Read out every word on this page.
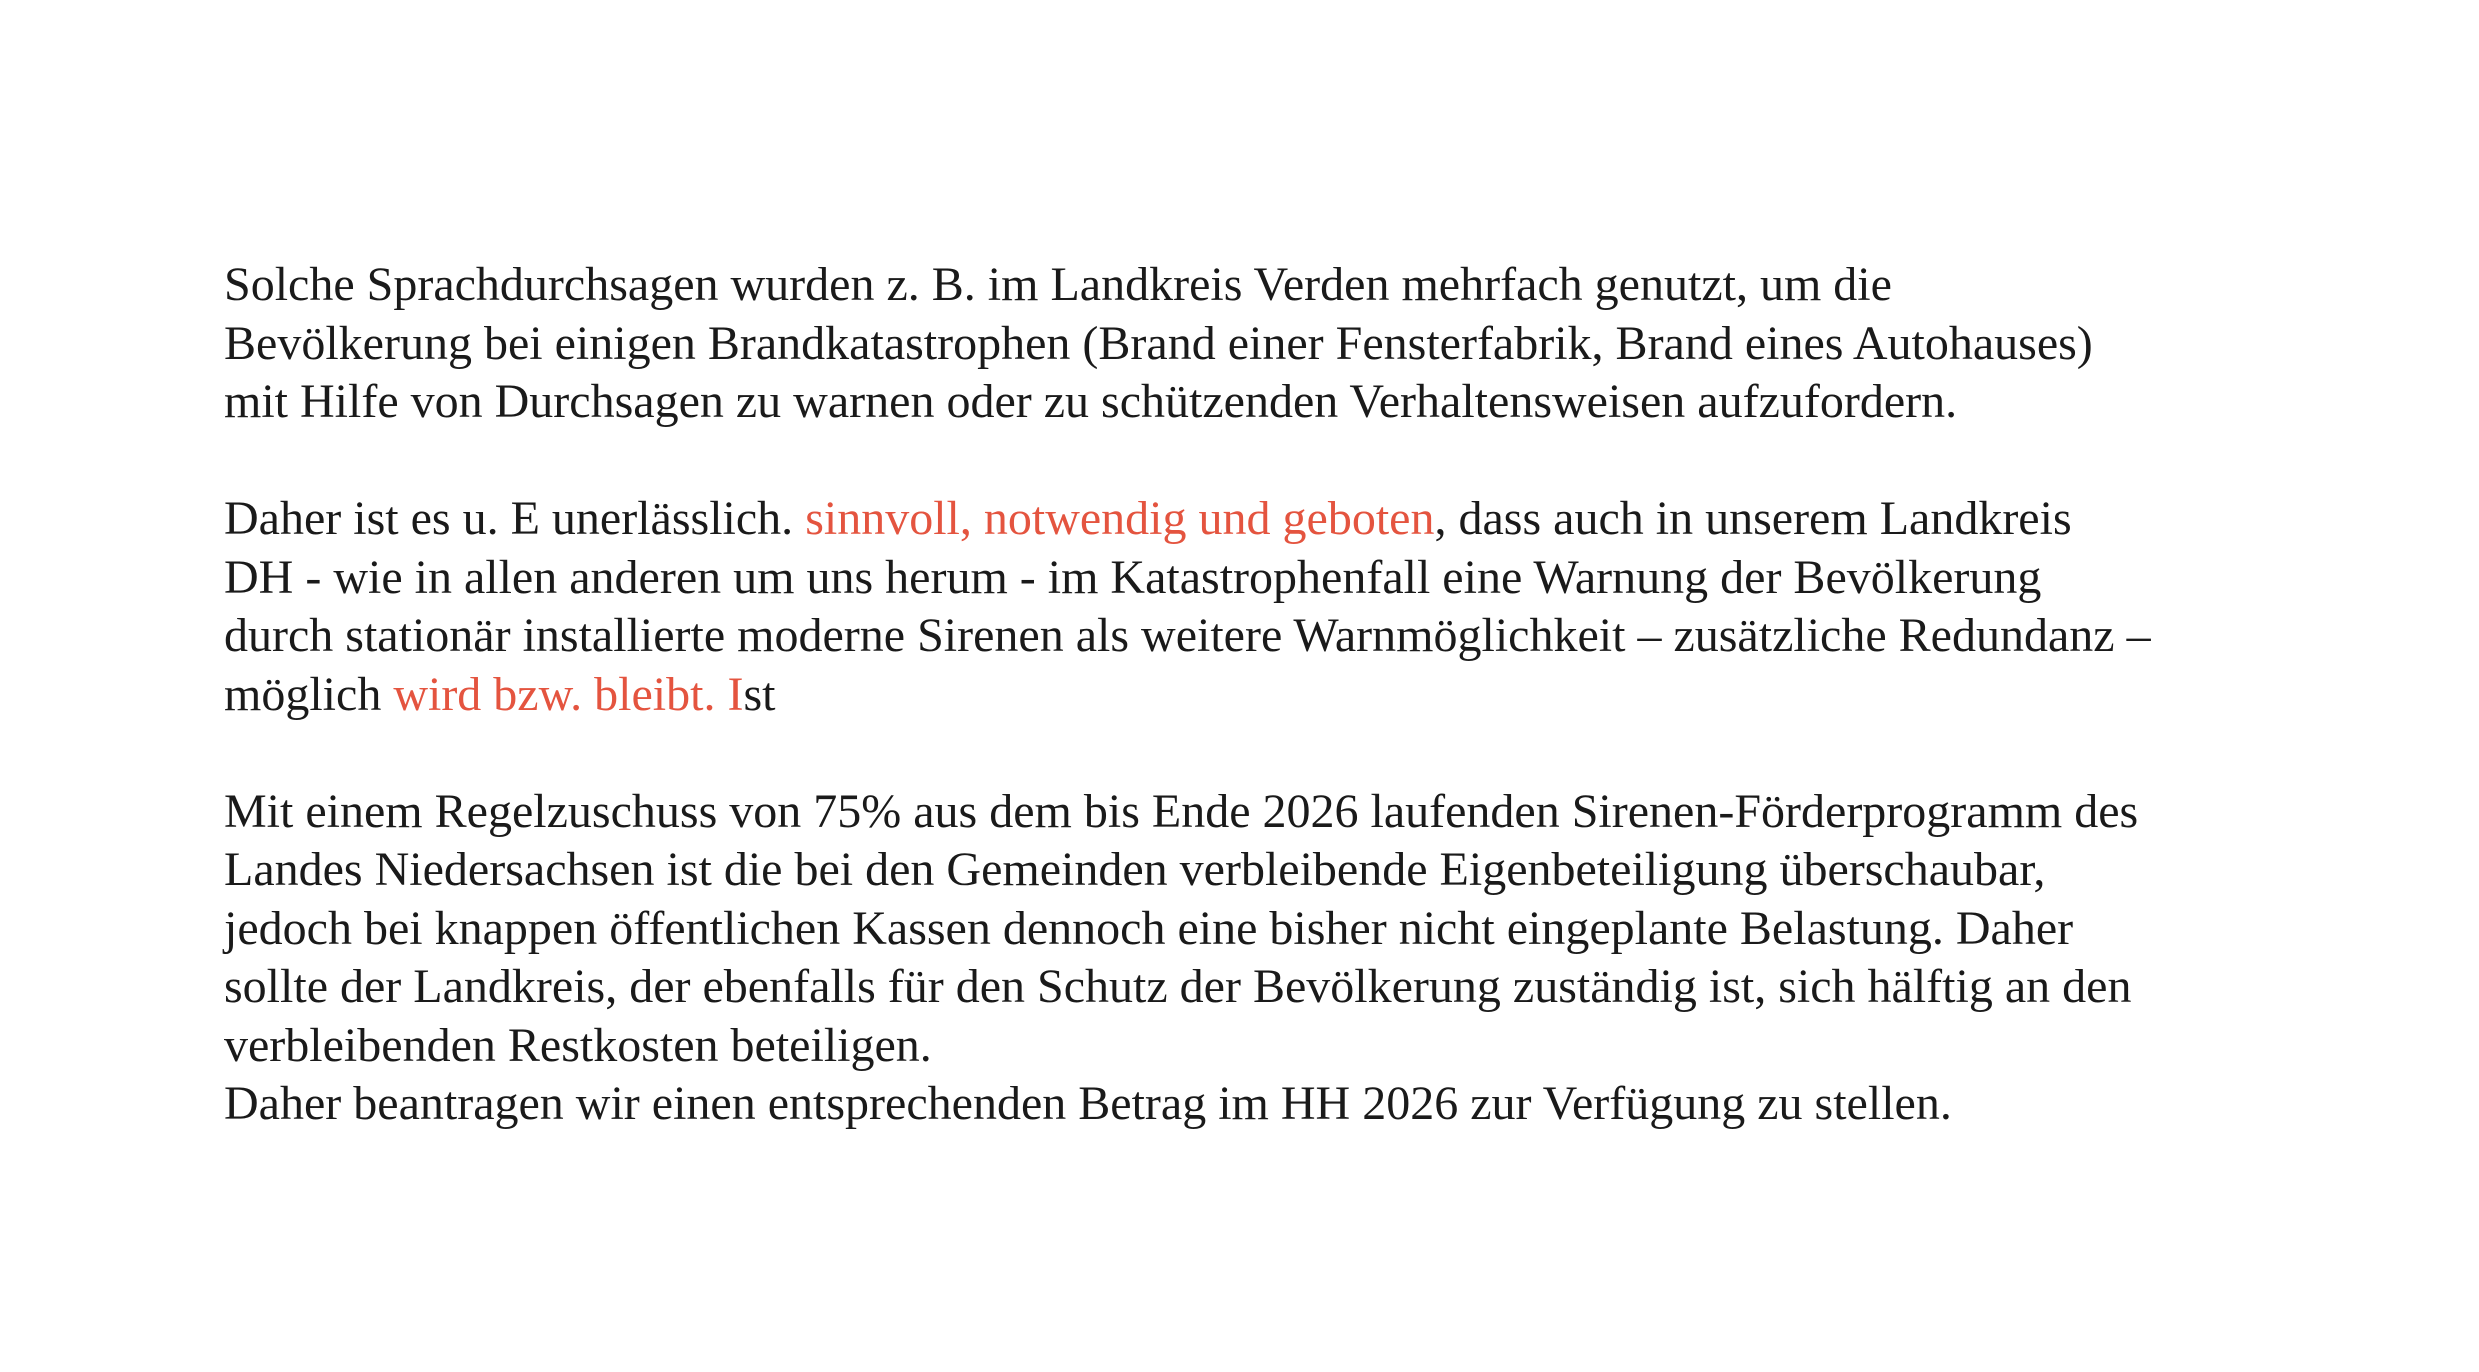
Solche Sprachdurchsagen wurden z. B. im Landkreis Verden mehrfach genutzt, um die
Bevölkerung bei einigen Brandkatastrophen (Brand einer Fensterfabrik, Brand eines Autohauses)
mit Hilfe von Durchsagen zu warnen oder zu schützenden Verhaltensweisen aufzufordern.
Daher ist es u. E unerlässlich. sinnvoll, notwendig und geboten, dass auch in unserem Landkreis
DH - wie in allen anderen um uns herum - im Katastrophenfall eine Warnung der Bevölkerung
durch stationär installierte moderne Sirenen als weitere Warnmöglichkeit – zusätzliche Redundanz –
möglich wird bzw. bleibt. Ist
Mit einem Regelzuschuss von 75% aus dem bis Ende 2026 laufenden Sirenen-Förderprogramm des
Landes Niedersachsen ist die bei den Gemeinden verbleibende Eigenbeteiligung überschaubar,
jedoch bei knappen öffentlichen Kassen dennoch eine bisher nicht eingeplante Belastung. Daher
sollte der Landkreis, der ebenfalls für den Schutz der Bevölkerung zuständig ist, sich hälftig an den
verbleibenden Restkosten beteiligen.
Daher beantragen wir einen entsprechenden Betrag im HH 2026 zur Verfügung zu stellen.
